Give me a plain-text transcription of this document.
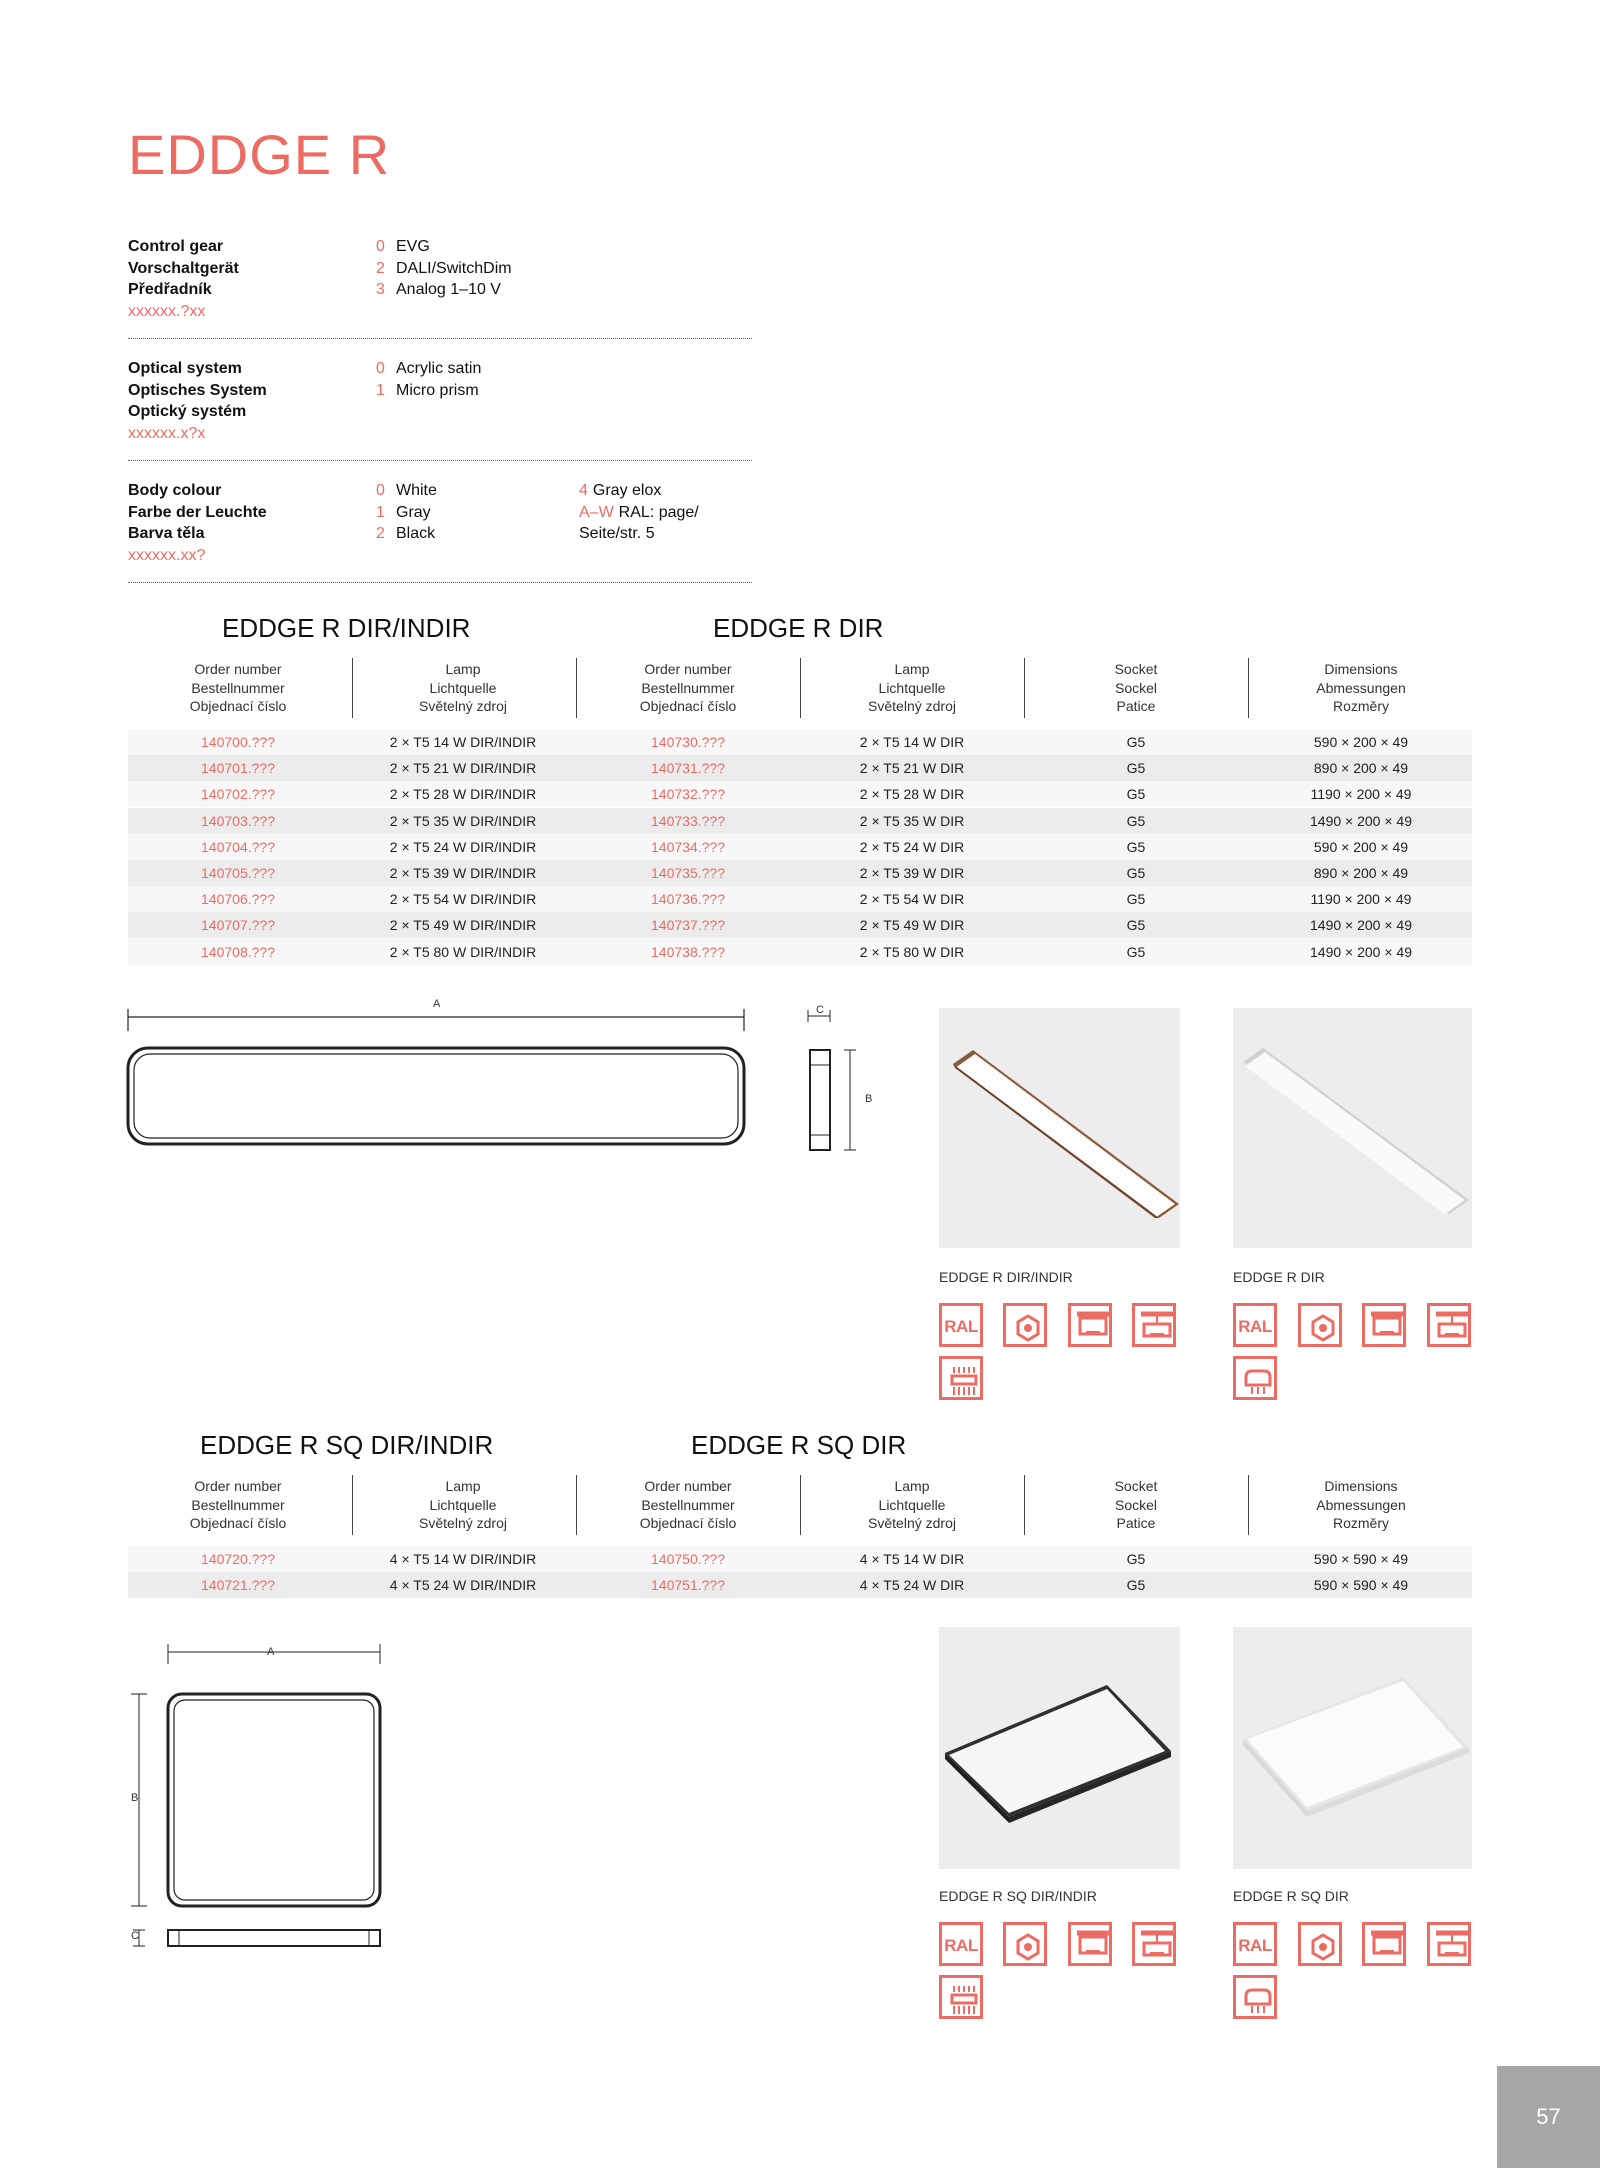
EDDGE R
Control gear
Vorschaltgerät
Předřadník
xxxxxx.?xx
0 EVG
2 DALI/SwitchDim
3 Analog 1–10 V
Optical system
Optisches System
Optický systém
xxxxxx.x?x
0 Acrylic satin
1 Micro prism
Body colour
Farbe der Leuchte
Barva těla
xxxxxx.xx?
0 White
1 Gray
2 Black
4 Gray elox
A–W RAL: page/
Seite/str. 5
EDDGE R DIR/INDIR	EDDGE R DIR
Order number
Bestellnummer
Objednací číslo
Lamp
Lichtquelle
Světelný zdroj
Order number
Bestellnummer
Objednací číslo
Lamp
Lichtquelle
Světelný zdroj
Socket
Sockel
Patice
Dimensions
Abmessungen
Rozměry
140700.???	2 × T5 14 W DIR/INDIR	140730.???	2 × T5 14 W DIR	G5	590 × 200 × 49
140701.???	2 × T5 21 W DIR/INDIR	140731.???	2 × T5 21 W DIR	G5	890 × 200 × 49
140702.???	2 × T5 28 W DIR/INDIR	140732.???	2 × T5 28 W DIR	G5	1190 × 200 × 49
140703.???	2 × T5 35 W DIR/INDIR	140733.???	2 × T5 35 W DIR	G5	1490 × 200 × 49
140704.???	2 × T5 24 W DIR/INDIR	140734.???	2 × T5 24 W DIR	G5	590 × 200 × 49
140705.???	2 × T5 39 W DIR/INDIR	140735.???	2 × T5 39 W DIR	G5	890 × 200 × 49
140706.???	2 × T5 54 W DIR/INDIR	140736.???	2 × T5 54 W DIR	G5	1190 × 200 × 49
140707.???	2 × T5 49 W DIR/INDIR	140737.???	2 × T5 49 W DIR	G5	1490 × 200 × 49
140708.???	2 × T5 80 W DIR/INDIR	140738.???	2 × T5 80 W DIR	G5	1490 × 200 × 49
A	C
B
EDDGE R DIR/INDIR	EDDGE R DIR
RAL	RAL
EDDGE R SQ DIR/INDIR	EDDGE R SQ DIR
Order number
Bestellnummer
Objednací číslo
Lamp
Lichtquelle
Světelný zdroj
Order number
Bestellnummer
Objednací číslo
Lamp
Lichtquelle
Světelný zdroj
Socket
Sockel
Patice
Dimensions
Abmessungen
Rozměry
140720.???	4 × T5 14 W DIR/INDIR	140750.???	4 × T5 14 W DIR	G5	590 × 590 × 49
140721.???	4 × T5 24 W DIR/INDIR	140751.???	4 × T5 24 W DIR	G5	590 × 590 × 49
A
B
C
EDDGE R SQ DIR/INDIR	EDDGE R SQ DIR
RAL	RAL
57
